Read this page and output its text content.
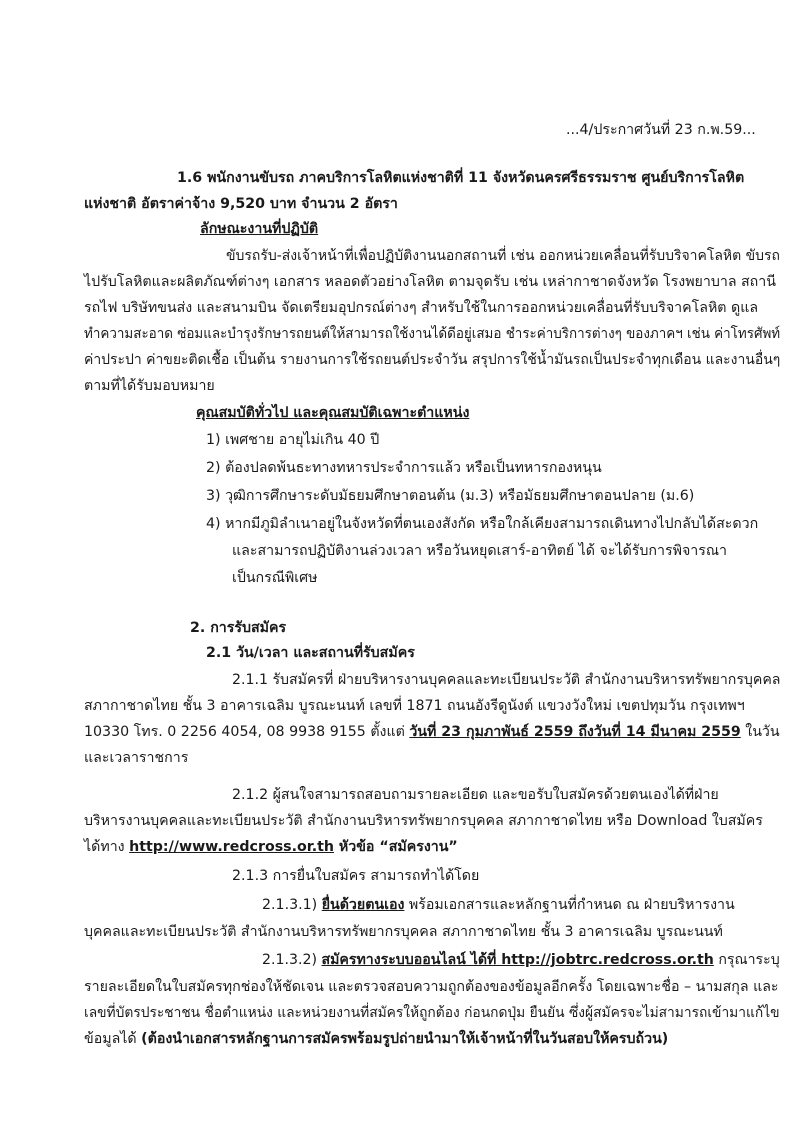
...4/ประกาศวันที่ 23 ก.พ.59...
1.6 พนักงานขับรถ ภาคบริการโลหิตแห่งชาติที่ 11 จังหวัดนครศรีธรรมราช ศูนย์บริการโลหิต
แห่งชาติ อัตราค่าจ้าง 9,520 บาท จำนวน 2 อัตรา
ลักษณะงานที่ปฏิบัติ
ขับรถรับ-ส่งเจ้าหน้าที่เพื่อปฏิบัติงานนอกสถานที่ เช่น ออกหน่วยเคลื่อนที่รับบริจาคโลหิต ขับรถ
ไปรับโลหิตและผลิตภัณฑ์ต่างๆ เอกสาร หลอดตัวอย่างโลหิต ตามจุดรับ เช่น เหล่ากาชาดจังหวัด โรงพยาบาล สถานี
รถไฟ บริษัทขนส่ง และสนามบิน จัดเตรียมอุปกรณ์ต่างๆ สำหรับใช้ในการออกหน่วยเคลื่อนที่รับบริจาคโลหิต ดูแล
ทำความสะอาด ซ่อมและบำรุงรักษารถยนต์ให้สามารถใช้งานได้ดีอยู่เสมอ ชำระค่าบริการต่างๆ ของภาคฯ เช่น ค่าโทรศัพท์
ค่าประปา ค่าขยะติดเชื้อ เป็นต้น รายงานการใช้รถยนต์ประจำวัน สรุปการใช้น้ำมันรถเป็นประจำทุกเดือน และงานอื่นๆ
ตามที่ได้รับมอบหมาย
คุณสมบัติทั่วไป และคุณสมบัติเฉพาะตำแหน่ง
1) เพศชาย อายุไม่เกิน 40 ปี
2) ต้องปลดพ้นธะทางทหารประจำการแล้ว หรือเป็นทหารกองหนุน
3) วุฒิการศึกษาระดับมัธยมศึกษาตอนต้น (ม.3) หรือมัธยมศึกษาตอนปลาย (ม.6)
4) หากมีภูมิลำเนาอยู่ในจังหวัดที่ตนเองสังกัด หรือใกล้เคียงสามารถเดินทางไปกลับได้สะดวก
และสามารถปฏิบัติงานล่วงเวลา หรือวันหยุดเสาร์-อาทิตย์ ได้ จะได้รับการพิจารณา
เป็นกรณีพิเศษ
2. การรับสมัคร
2.1 วัน/เวลา และสถานที่รับสมัคร
2.1.1 รับสมัครที่ ฝ่ายบริหารงานบุคคลและทะเบียนประวัติ สำนักงานบริหารทรัพยากรบุคคล
สภากาชาดไทย ชั้น 3 อาคารเฉลิม บูรณะนนท์ เลขที่ 1871 ถนนอังรีดูนังต์ แขวงวังใหม่ เขตปทุมวัน กรุงเทพฯ
10330 โทร. 0 2256 4054, 08 9938 9155 ตั้งแต่ วันที่ 23 กุมภาพันธ์ 2559 ถึงวันที่ 14 มีนาคม 2559 ในวัน
และเวลาราชการ
2.1.2 ผู้สนใจสามารถสอบถามรายละเอียด และขอรับใบสมัครด้วยตนเองได้ที่ฝ่าย
บริหารงานบุคคลและทะเบียนประวัติ สำนักงานบริหารทรัพยากรบุคคล สภากาชาดไทย หรือ Download ใบสมัคร
ได้ทาง http://www.redcross.or.th หัวข้อ “สมัครงาน”
2.1.3 การยื่นใบสมัคร สามารถทำได้โดย
2.1.3.1) ยื่นด้วยตนเอง พร้อมเอกสารและหลักฐานที่กำหนด ณ ฝ่ายบริหารงาน
บุคคลและทะเบียนประวัติ สำนักงานบริหารทรัพยากรบุคคล สภากาชาดไทย ชั้น 3 อาคารเฉลิม บูรณะนนท์
2.1.3.2) สมัครทางระบบออนไลน์ ได้ที่ http://jobtrc.redcross.or.th กรุณาระบุ
รายละเอียดในใบสมัครทุกช่องให้ชัดเจน และตรวจสอบความถูกต้องของข้อมูลอีกครั้ง โดยเฉพาะชื่อ – นามสกุล และ
เลขที่บัตรประชาชน ชื่อตำแหน่ง และหน่วยงานที่สมัครให้ถูกต้อง ก่อนกดปุ่ม ยืนยัน ซึ่งผู้สมัครจะไม่สามารถเข้ามาแก้ไข
ข้อมูลได้ (ต้องนำเอกสารหลักฐานการสมัครพร้อมรูปถ่ายนำมาให้เจ้าหน้าที่ในวันสอบให้ครบถ้วน)
